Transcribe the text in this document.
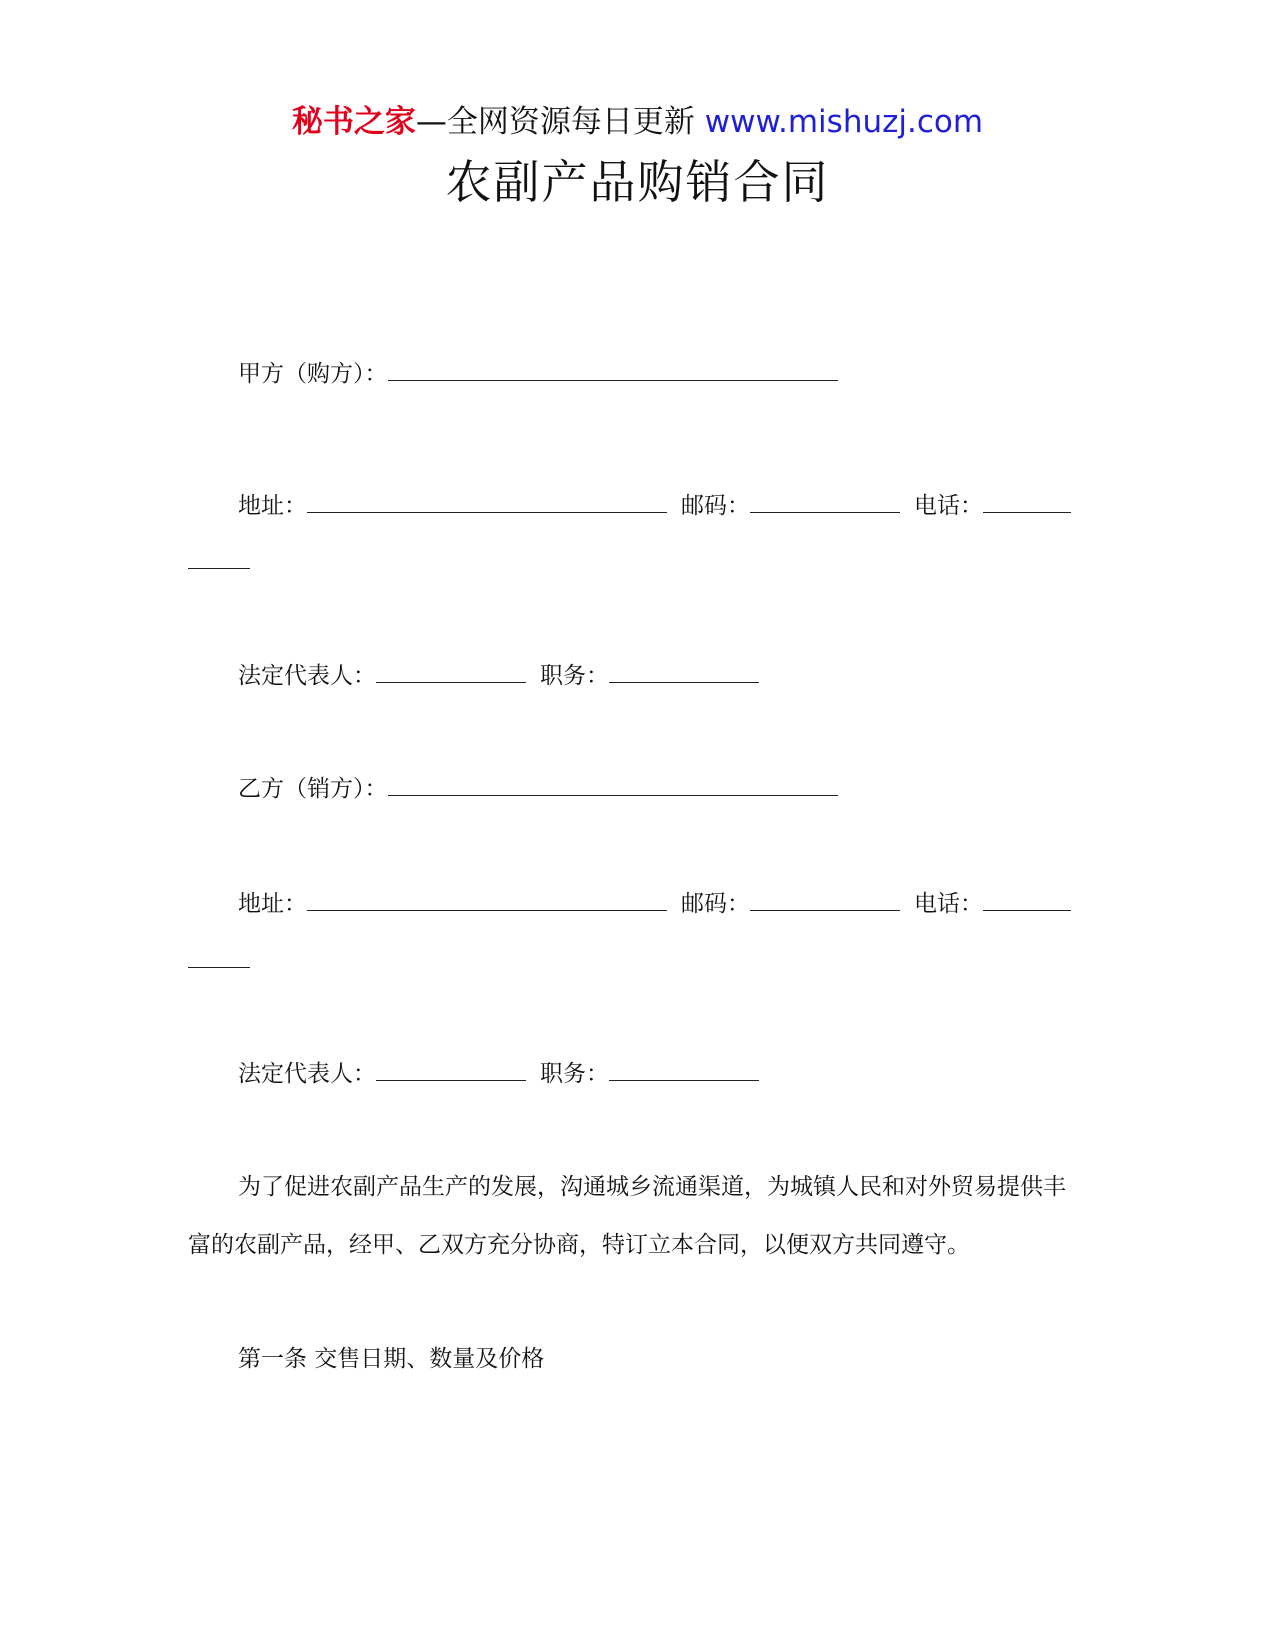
秘书之家—全网资源每日更新 www.mishuzj.com
农副产品购销合同
甲方（购方）：
地址：	邮码：	电话：
法定代表人：	职务：
乙方（销方）：
地址：	邮码：	电话：
法定代表人：	职务：
为了促进农副产品生产的发展，沟通城乡流通渠道，为城镇人民和对外贸易提供丰富的农副产品，经甲、乙双方充分协商，特订立本合同，以便双方共同遵守。
第一条 交售日期、数量及价格
